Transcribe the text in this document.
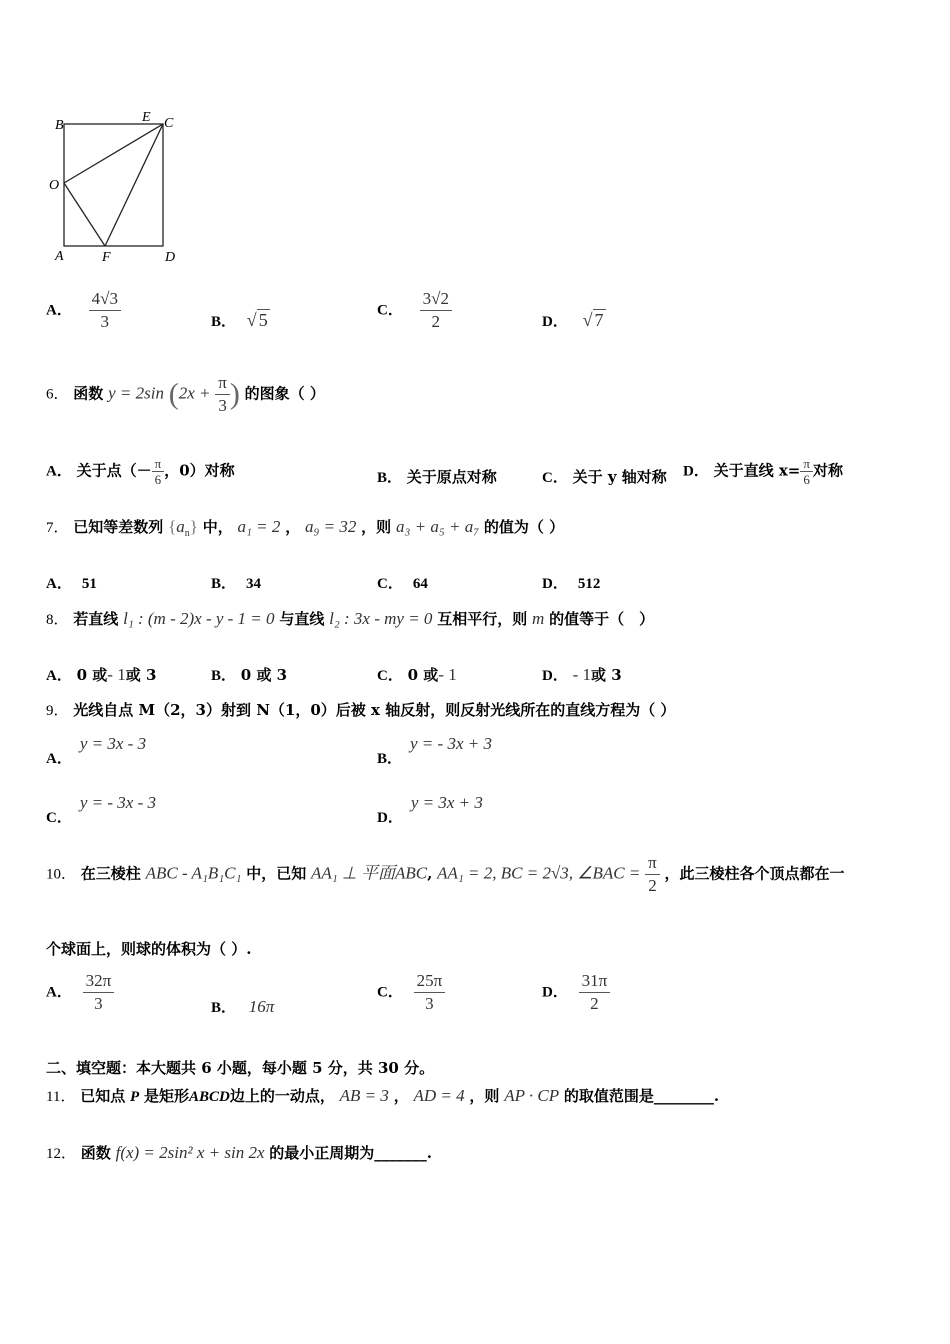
B
E C
O
A	F	D
A． $\frac{4√3}{3}$	B． √ 5	C． $\frac{3√2}{2}$	D． √ 7
6． 函数 y = 2sin ($2x + \frac{\pi}{3}$ ) 的图象（ ）
A． 关于点（－ $\frac{\pi}{6}$ ，0）对称	B． 关于原点对称	C． 关于 y 轴对称 D． 关于直线 $x= \frac{\pi}{6}$ 对称
7． 已知等差数列 $\{a_n\}$ 中， a₁ = 2 ， a₉ = 32 ，则 a₃ + a₅ + a₇ 的值为（ ）
A． 51	B． 34	C． 64	D． 512
8． 若直线 l₁ : (m - 2)x - y - 1 = 0 与直线 l₂ : 3x - my = 0 互相平行，则 m 的值等于（　）
A． 0 或- 1或 3	B． 0 或 3	C． 0 或- 1	D． - 1或 3
9． 光线自点 M（2，3）射到 N（1，0）后被 x 轴反射，则反射光线所在的直线方程为（ ）
A．y = 3x - 3
B．y = - 3x + 3
C．y = - 3x - 3
D．y = 3x + 3
10． 在三棱柱 ABC - A₁B₁C₁ 中，已知 AA₁ ⊥ 平面ABC, AA₁ = 2, BC = 2√3, ∠BAC = $\frac{\pi}{2}$ ，此三棱柱各个顶点都在一
个球面上，则球的体积为（ ）.
A． $\frac{32\pi}{3}$	B． 16π
C． $\frac{25\pi}{3}$	D． $\frac{31\pi}{2}$
二、填空题：本大题共 6 小题，每小题 5 分，共 30 分。
11． 已知点 P 是矩形ABCD边上的一动点， AB = 3 ， AD = 4 ，则 AP · CP 的取值范围是________.
12． 函数 f(x) = 2sin² x + sin 2x 的最小正周期为_______.
